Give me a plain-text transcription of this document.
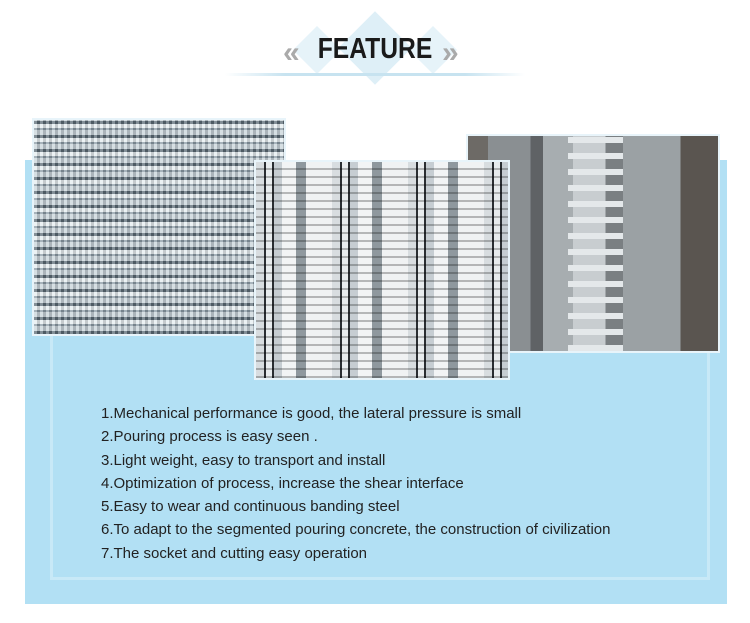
«	»
FEATURE
1.Mechanical performance is good, the lateral pressure is small
2.Pouring process is easy seen .
3.Light weight, easy to transport and install
4.Optimization of process, increase the shear interface
5.Easy to wear and continuous banding steel
6.To adapt to the segmented pouring concrete, the construction of civilization
7.The socket and cutting easy operation
